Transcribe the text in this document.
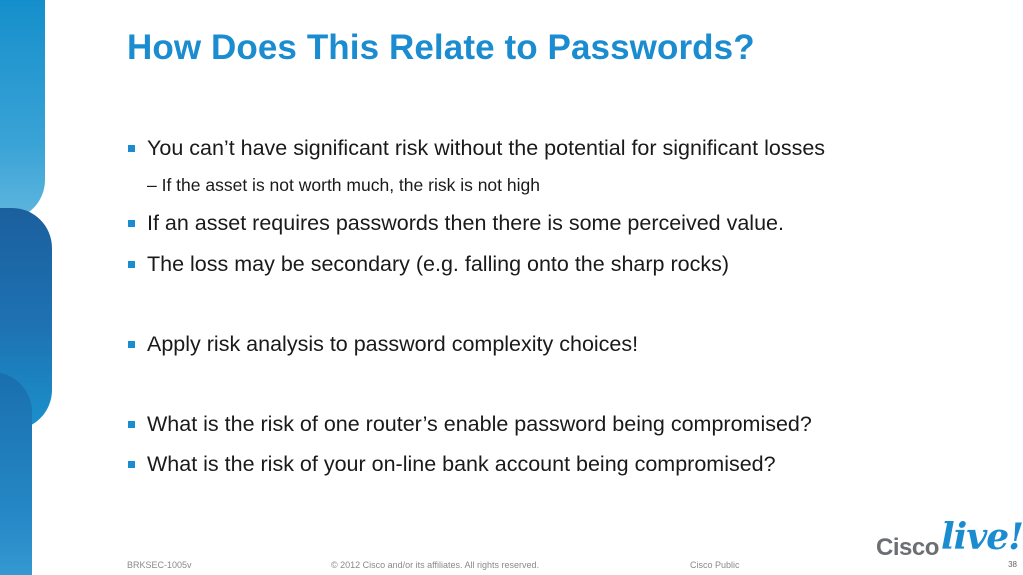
How Does This Relate to Passwords?
You can’t have significant risk without the potential for significant losses
– If the asset is not worth much, the risk is not high
If an asset requires passwords then there is some perceived value.
The loss may be secondary (e.g. falling onto the sharp rocks)
Apply risk analysis to password complexity choices!
What is the risk of one router’s enable password being compromised?
What is the risk of your on-line bank account being compromised?
BRKSEC-1005v	© 2012 Cisco and/or its affiliates. All rights reserved.	Cisco Public	38
Cisco live!
